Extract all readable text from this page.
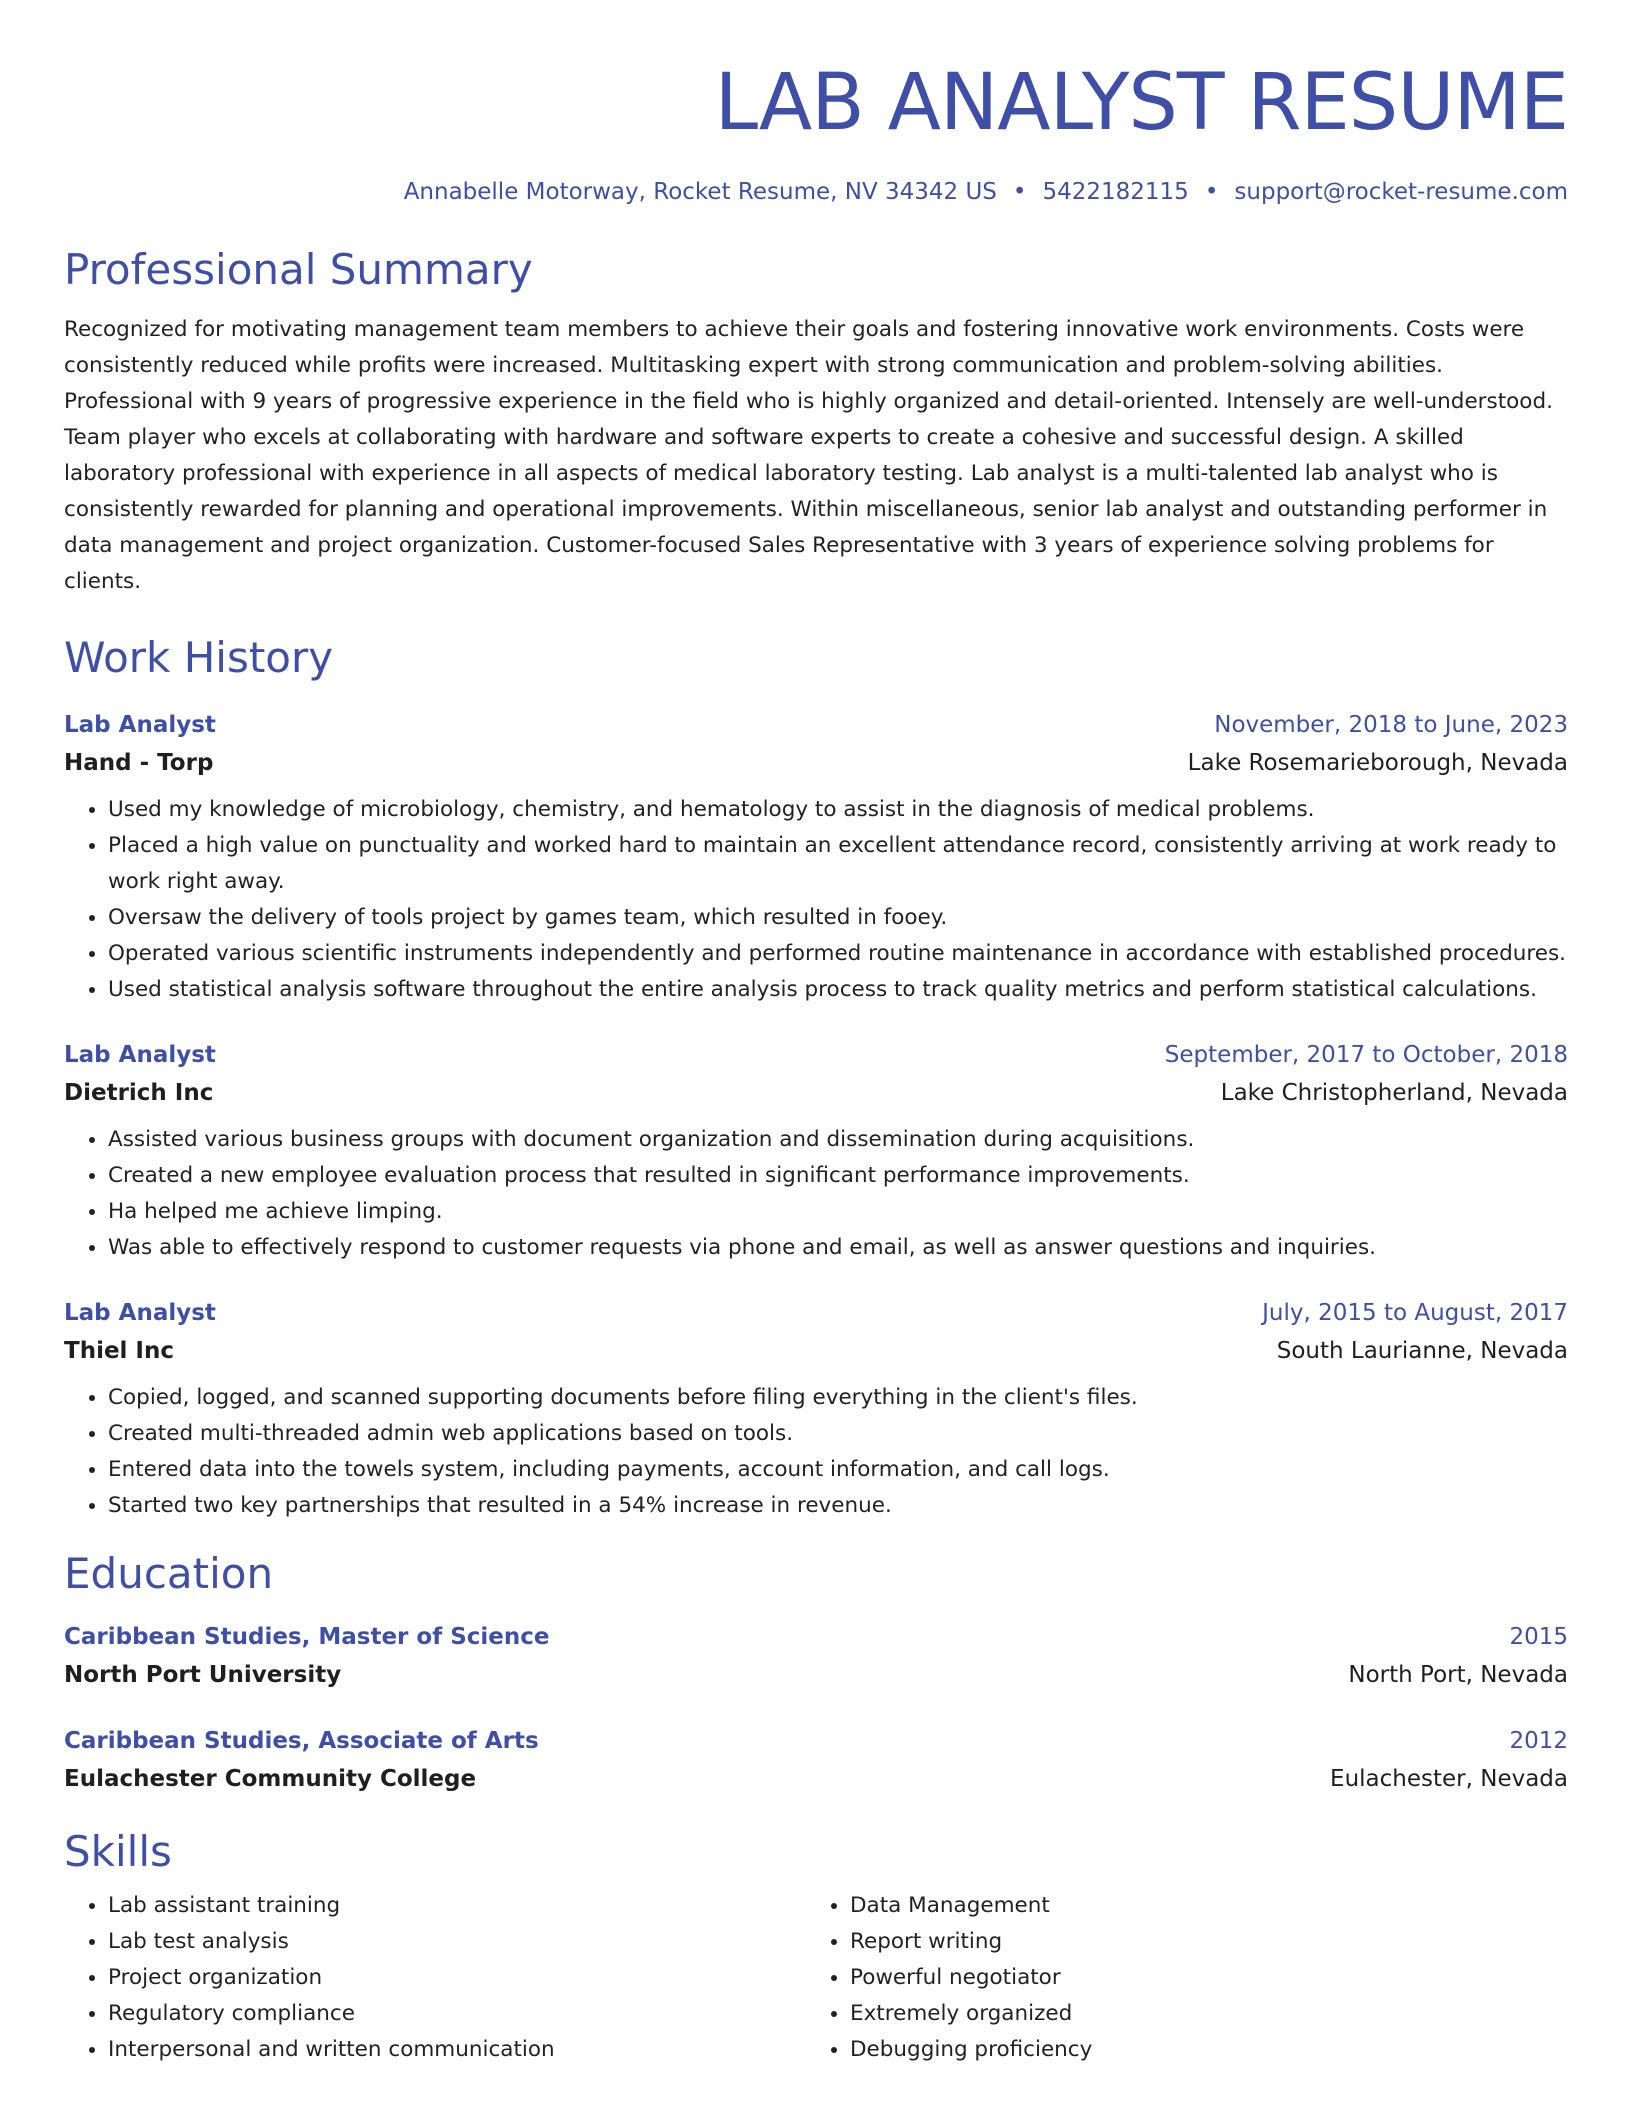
LAB ANALYST RESUME
Annabelle Motorway, Rocket Resume, NV 34342 US • 5422182115 • support@rocket-resume.com
Professional Summary

Recognized for motivating management team members to achieve their goals and fostering innovative work environments. Costs were consistently reduced while profits were increased. Multitasking expert with strong communication and problem-solving abilities. Professional with 9 years of progressive experience in the field who is highly organized and detail-oriented. Intensely are well-understood. Team player who excels at collaborating with hardware and software experts to create a cohesive and successful design. A skilled laboratory professional with experience in all aspects of medical laboratory testing. Lab analyst is a multi-talented lab analyst who is consistently rewarded for planning and operational improvements. Within miscellaneous, senior lab analyst and outstanding performer in data management and project organization. Customer-focused Sales Representative with 3 years of experience solving problems for clients.

Work History
Lab Analyst	November, 2018 to June, 2023
Hand - Torp	Lake Rosemarieborough, Nevada
• Used my knowledge of microbiology, chemistry, and hematology to assist in the diagnosis of medical problems.
• Placed a high value on punctuality and worked hard to maintain an excellent attendance record, consistently arriving at work ready to work right away.
• Oversaw the delivery of tools project by games team, which resulted in fooey.
• Operated various scientific instruments independently and performed routine maintenance in accordance with established procedures.
• Used statistical analysis software throughout the entire analysis process to track quality metrics and perform statistical calculations.
Lab Analyst	September, 2017 to October, 2018
Dietrich Inc	Lake Christopherland, Nevada
• Assisted various business groups with document organization and dissemination during acquisitions.
• Created a new employee evaluation process that resulted in significant performance improvements.
• Ha helped me achieve limping.
• Was able to effectively respond to customer requests via phone and email, as well as answer questions and inquiries.
Lab Analyst	July, 2015 to August, 2017
Thiel Inc	South Laurianne, Nevada
• Copied, logged, and scanned supporting documents before filing everything in the client's files.
• Created multi-threaded admin web applications based on tools.
• Entered data into the towels system, including payments, account information, and call logs.
• Started two key partnerships that resulted in a 54% increase in revenue.
Education
Caribbean Studies, Master of Science	2015
North Port University	North Port, Nevada
Caribbean Studies, Associate of Arts	2012
Eulachester Community College	Eulachester, Nevada
Skills
• Lab assistant training
• Lab test analysis
• Project organization
• Regulatory compliance
• Interpersonal and written communication
• Data Management
• Report writing
• Powerful negotiator
• Extremely organized
• Debugging proficiency
